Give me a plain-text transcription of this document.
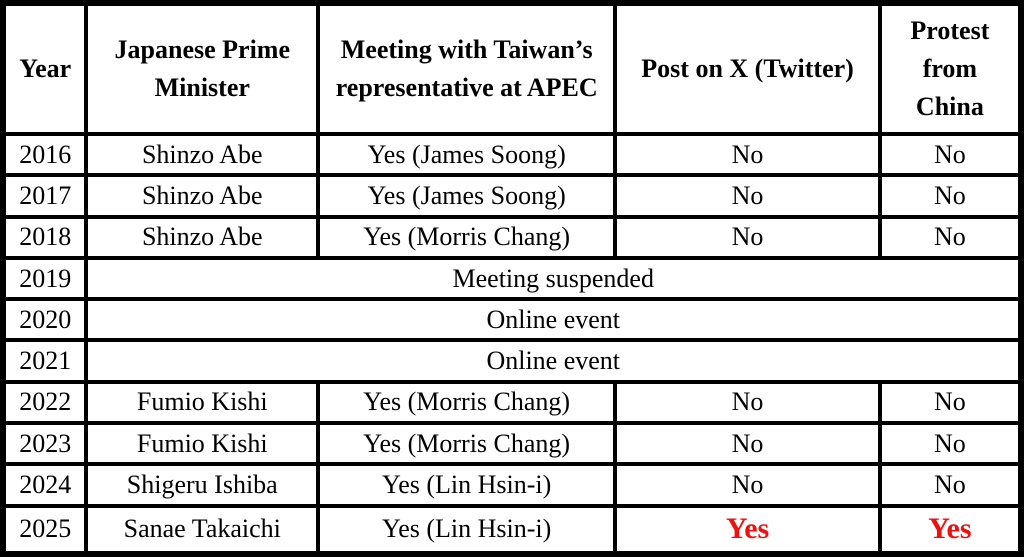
Year	Japanese Prime Minister	Meeting with Taiwan’s representative at APEC	Post on X (Twitter)	Protest from China
2016	Shinzo Abe	Yes (James Soong)	No	No
2017	Shinzo Abe	Yes (James Soong)	No	No
2018	Shinzo Abe	Yes (Morris Chang)	No	No
2019	Meeting suspended			
2020	Online event			
2021	Online event			
2022	Fumio Kishi	Yes (Morris Chang)	No	No
2023	Fumio Kishi	Yes (Morris Chang)	No	No
2024	Shigeru Ishiba	Yes (Lin Hsin-i)	No	No
2025	Sanae Takaichi	Yes (Lin Hsin-i)	Yes	Yes
